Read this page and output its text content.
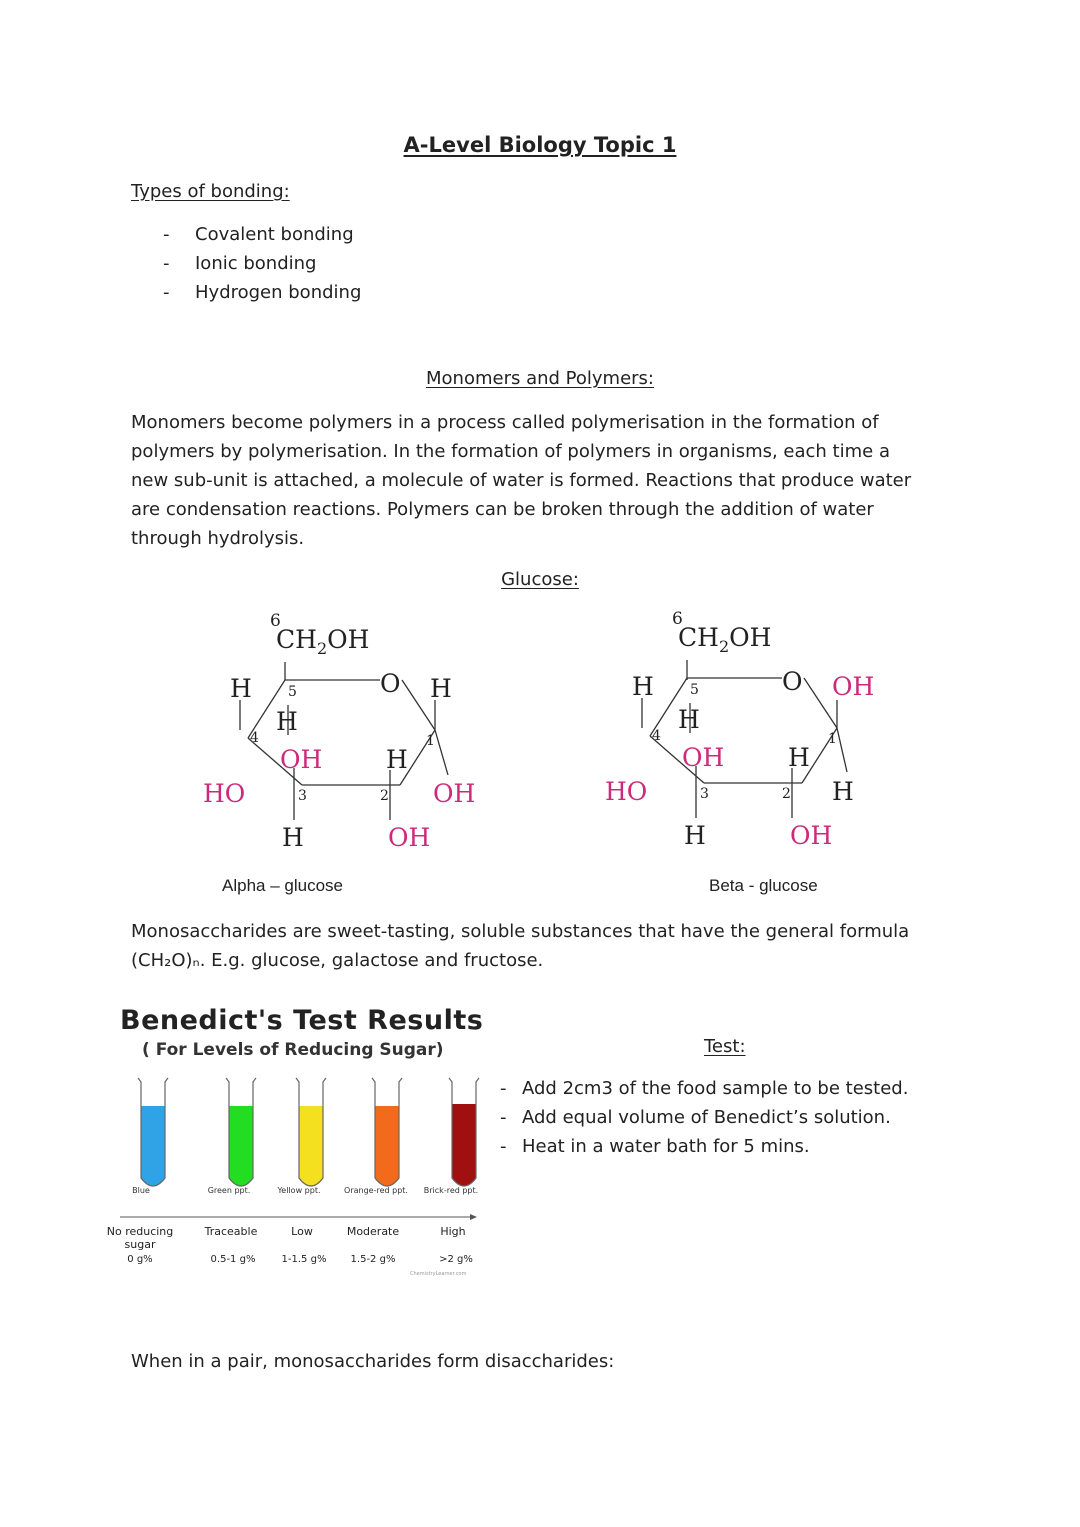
A-Level Biology Topic 1
Types of bonding:
- Covalent bonding
- Ionic bonding
- Hydrogen bonding
Monomers and Polymers:
Monomers become polymers in a process called polymerisation in the formation of polymers by polymerisation. In the formation of polymers in organisms, each time a new sub-unit is attached, a molecule of water is formed. Reactions that produce water are condensation reactions. Polymers can be broken through the addition of water through hydrolysis.
Glucose:
6
$CH_2OH$
O
H	5	H
H
4	1
OH	H
HO	3	2 OH
H	OH
6
$CH_2OH$
O
H	5	OH
H
4	1
OH	H
HO	3	2 H
H	OH
Alpha – glucose	Beta - glucose
Monosaccharides are sweet-tasting, soluble substances that have the general formula
(CH₂O)ₙ. E.g. glucose, galactose and fructose.
Benedict's Test Results
( For Levels of Reducing Sugar)
Blue	Green ppt.	Yellow ppt.	Orange-red ppt.	Brick-red ppt.
No reducing sugar
Traceable	Low	Moderate	High
0 g%	0.5-1 g%	1-1.5 g%	1.5-2 g%	>2 g%
ChemistryLearner.com
Test:
- Add 2cm3 of the food sample to be tested.
- Add equal volume of Benedict’s solution.
- Heat in a water bath for 5 mins.
When in a pair, monosaccharides form disaccharides:
